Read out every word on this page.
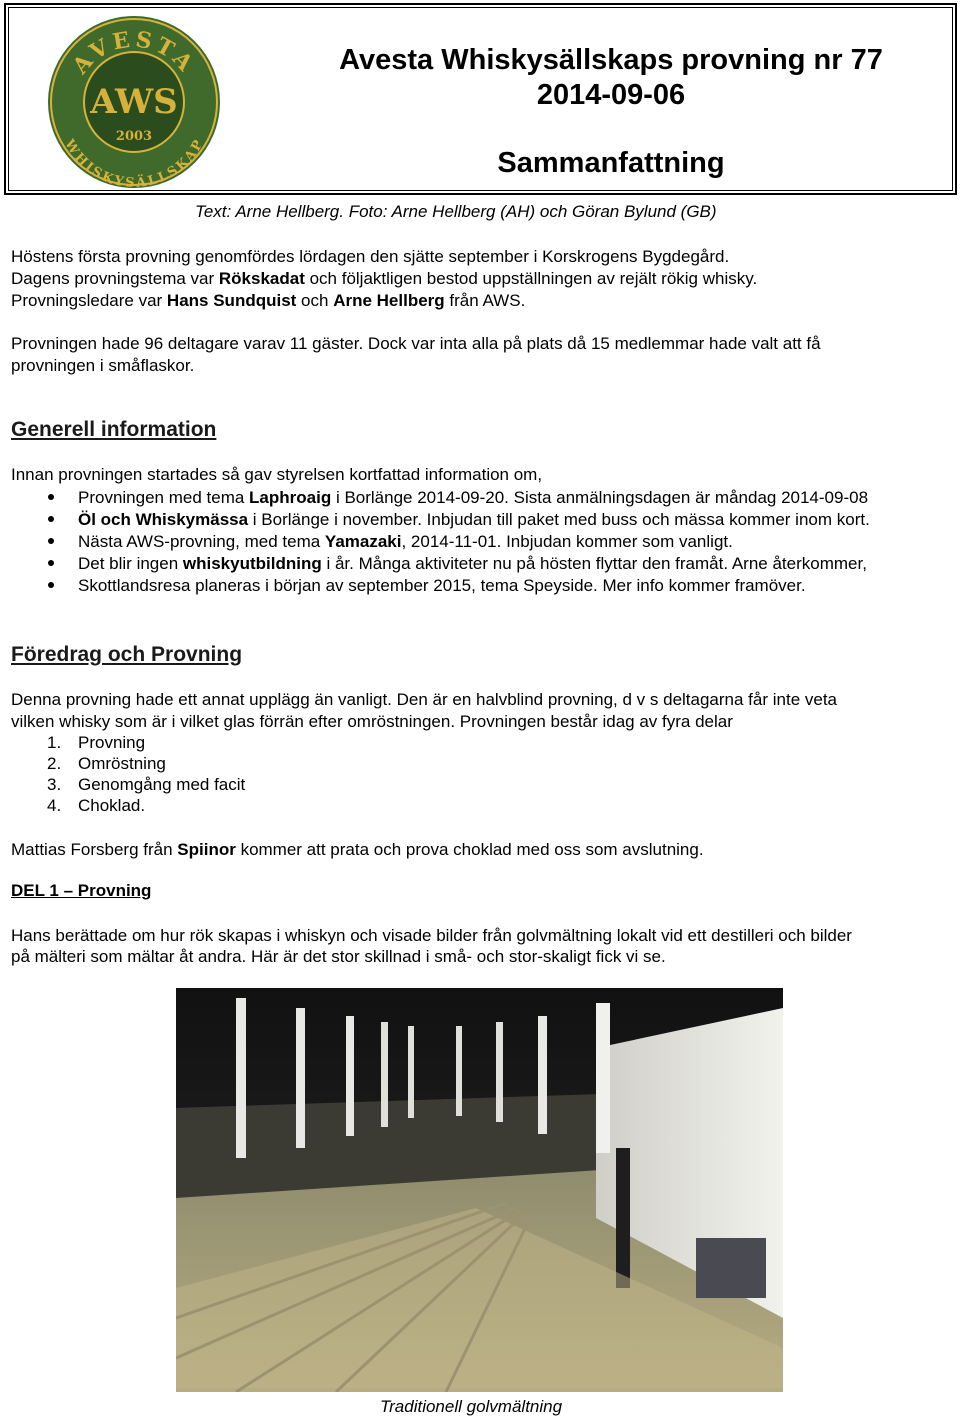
AVESTA
WHISKYSÄLLSKAP
AWS
2003
Avesta Whiskysällskaps provning nr 77
2014-09-06
Sammanfattning
Text: Arne Hellberg. Foto: Arne Hellberg (AH) och Göran Bylund (GB)
Höstens första provning genomfördes lördagen den sjätte september i Korskrogens Bygdegård.
Dagens provningstema var Rökskadat och följaktligen bestod uppställningen av rejält rökig whisky.
Provningsledare var Hans Sundquist och Arne Hellberg från AWS.
Provningen hade 96 deltagare varav 11 gäster. Dock var inta alla på plats då 15 medlemmar hade valt att få
provningen i småflaskor.
Generell information
Innan provningen startades så gav styrelsen kortfattad information om,
Provningen med tema Laphroaig i Borlänge 2014-09-20. Sista anmälningsdagen är måndag 2014-09-08
Öl och Whiskymässa i Borlänge i november. Inbjudan till paket med buss och mässa kommer inom kort.
Nästa AWS-provning, med tema Yamazaki, 2014-11-01. Inbjudan kommer som vanligt.
Det blir ingen whiskyutbildning i år. Många aktiviteter nu på hösten flyttar den framåt. Arne återkommer,
Skottlandsresa planeras i början av september 2015, tema Speyside. Mer info kommer framöver.
Föredrag och Provning
Denna provning hade ett annat upplägg än vanligt. Den är en halvblind provning, d v s deltagarna får inte veta
vilken whisky som är i vilket glas förrän efter omröstningen. Provningen består idag av fyra delar
1. Provning
2. Omröstning
3. Genomgång med facit
4. Choklad.
Mattias Forsberg från Spiinor kommer att prata och prova choklad med oss som avslutning.
DEL 1 – Provning
Hans berättade om hur rök skapas i whiskyn och visade bilder från golvmältning lokalt vid ett destilleri och bilder
på mälteri som mältar åt andra. Här är det stor skillnad i små- och stor-skaligt fick vi se.
Traditionell golvmältning
